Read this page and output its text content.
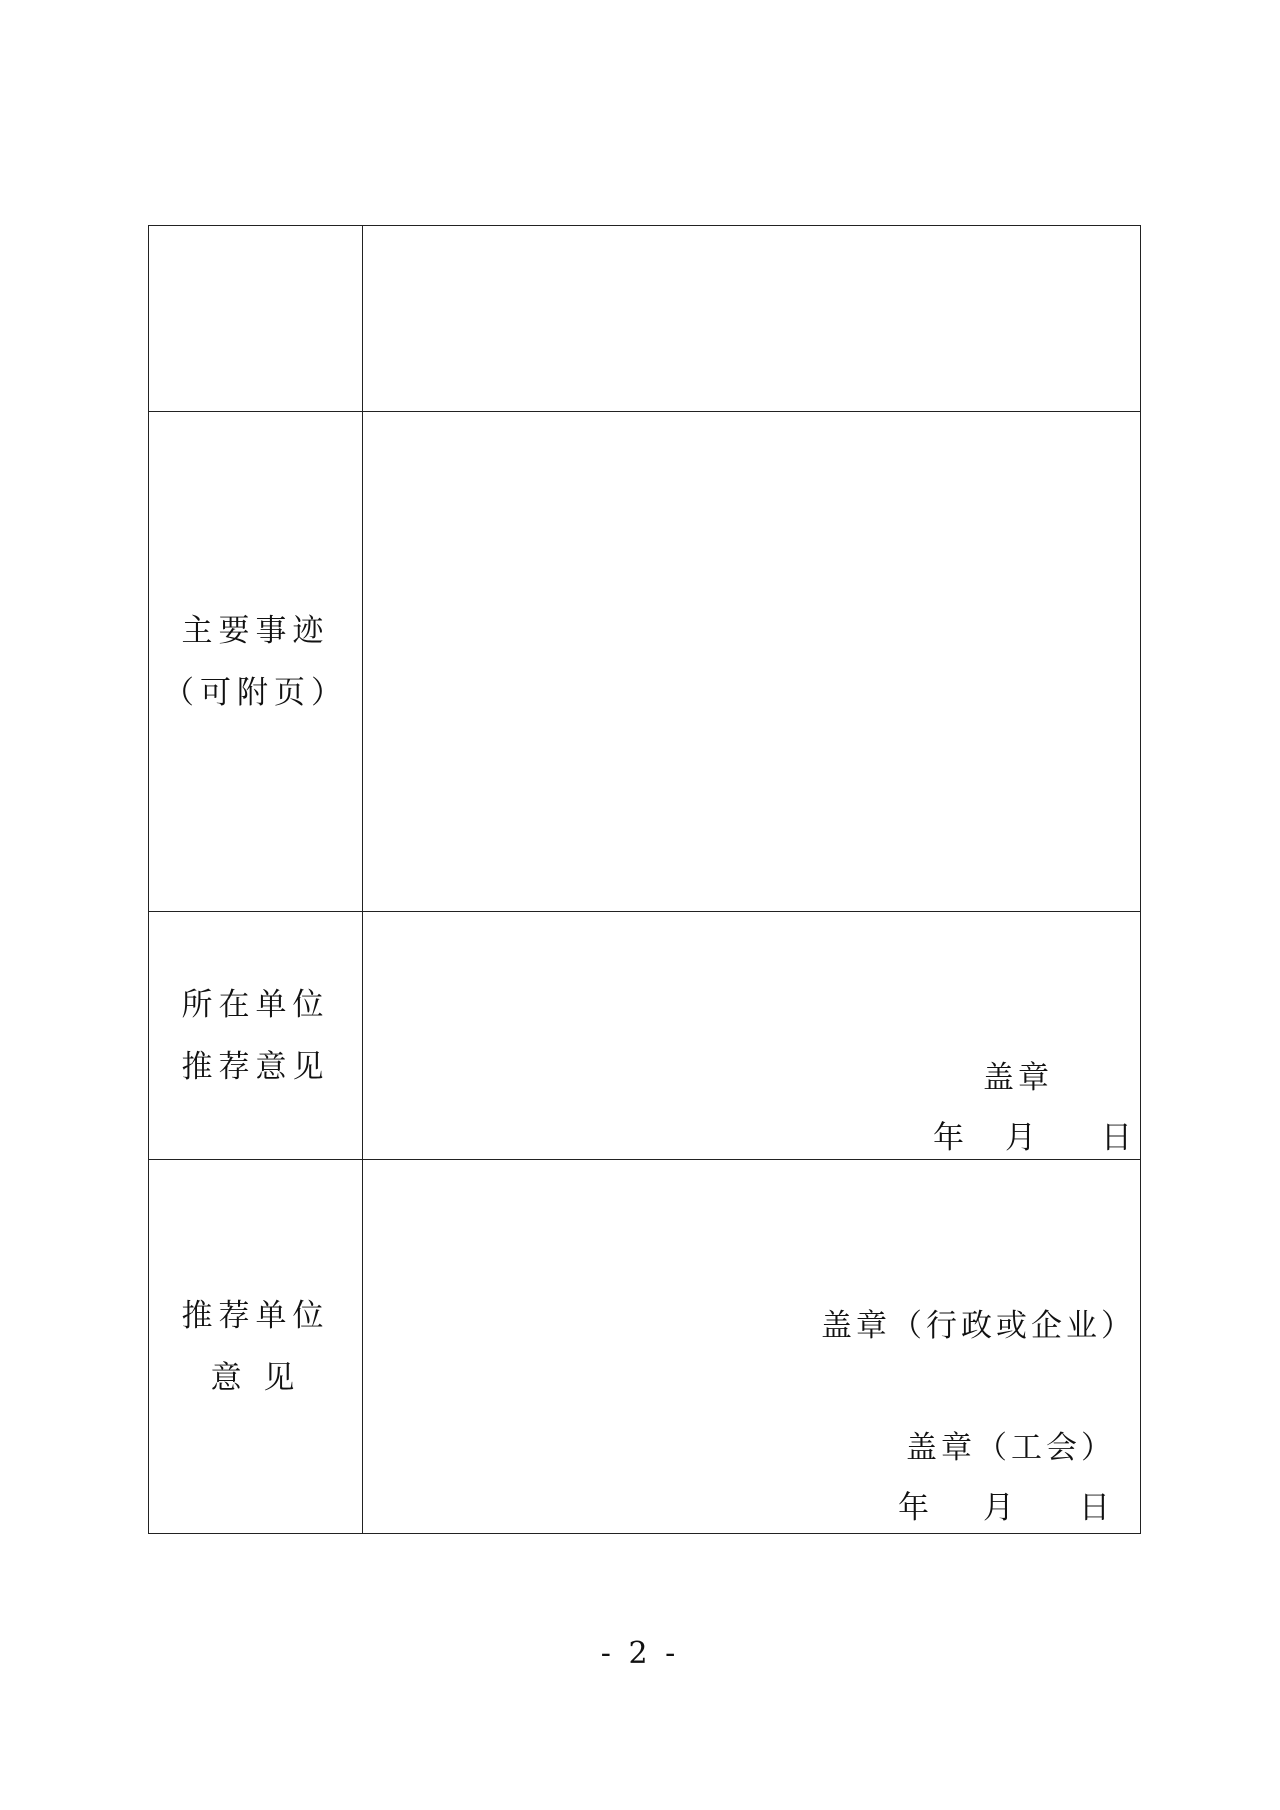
主要事迹
（可附页）	

所在单位
推荐意见	盖章
年 月 日

推荐单位
意 见	盖章（行政或企业）
盖章（工会）
年 月 日
- 2 -
